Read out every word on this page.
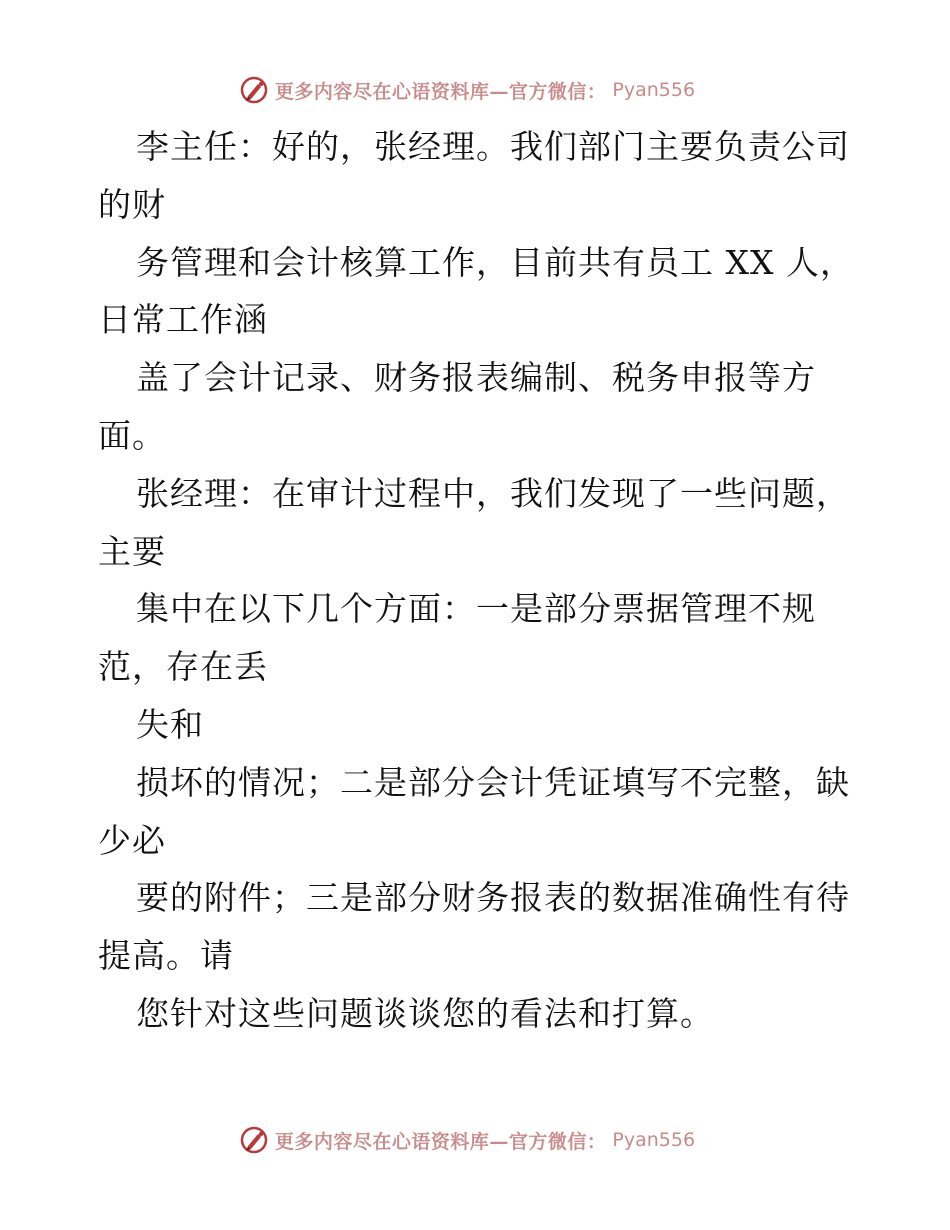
更多内容尽在心语资料库—官方微信： Pyan556
李主任：好的，张经理。我们部门主要负责公司
的财
务管理和会计核算工作，目前共有员工 XX 人，
日常工作涵
盖了会计记录、财务报表编制、税务申报等方
面。
张经理：在审计过程中，我们发现了一些问题，
主要
集中在以下几个方面：一是部分票据管理不规
范，存在丢
失和
损坏的情况；二是部分会计凭证填写不完整，缺
少必
要的附件；三是部分财务报表的数据准确性有待
提高。请
您针对这些问题谈谈您的看法和打算。
更多内容尽在心语资料库—官方微信： Pyan556
